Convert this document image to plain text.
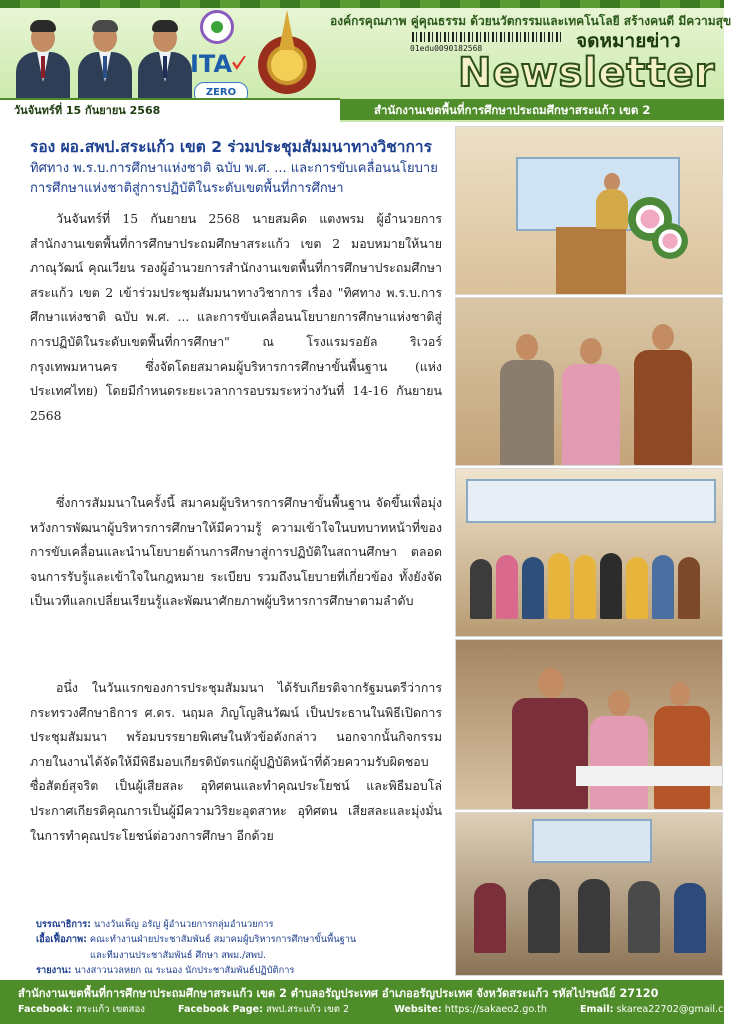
ITA
ZERO
องค์กรคุณภาพ คู่คุณธรรม ด้วยนวัตกรรมและเทคโนโลยี สร้างคนดี มีความสุข
01edu0090182568	จดหมายข่าว
Newsletter
วันจันทร์ที่ 15 กันยายน 2568	สำนักงานเขตพื้นที่การศึกษาประถมศึกษาสระแก้ว เขต 2
รอง ผอ.สพป.สระแก้ว เขต 2 ร่วมประชุมสัมมนาทางวิชาการ
ทิศทาง พ.ร.บ.การศึกษาแห่งชาติ ฉบับ พ.ศ. ... และการขับเคลื่อนนโยบายการศึกษาแห่งชาติสู่การปฏิบัติในระดับเขตพื้นที่การศึกษา
วันจันทร์ที่ 15 กันยายน 2568 นายสมคิด แตงพรม ผู้อำนวยการสำนักงานเขตพื้นที่การศึกษาประถมศึกษาสระแก้ว เขต 2 มอบหมายให้นายภาณุวัฒน์ คุณเวียน รองผู้อำนวยการสำนักงานเขตพื้นที่การศึกษาประถมศึกษาสระแก้ว เขต 2 เข้าร่วมประชุมสัมมนาทางวิชาการ เรื่อง "ทิศทาง พ.ร.บ.การศึกษาแห่งชาติ ฉบับ พ.ศ. ... และการขับเคลื่อนนโยบายการศึกษาแห่งชาติสู่การปฏิบัติในระดับเขตพื้นที่การศึกษา" ณ โรงแรมรอยัล ริเวอร์ กรุงเทพมหานคร ซึ่งจัดโดยสมาคมผู้บริหารการศึกษาขั้นพื้นฐาน (แห่งประเทศไทย) โดยมีกำหนดระยะเวลาการอบรมระหว่างวันที่ 14-16 กันยายน 2568
ซึ่งการสัมมนาในครั้งนี้ สมาคมผู้บริหารการศึกษาขั้นพื้นฐาน จัดขึ้นเพื่อมุ่งหวังการพัฒนาผู้บริหารการศึกษาให้มีความรู้ ความเข้าใจในบทบาทหน้าที่ของการขับเคลื่อนและนำนโยบายด้านการศึกษาสู่การปฏิบัติในสถานศึกษา ตลอดจนการรับรู้และเข้าใจในกฎหมาย ระเบียบ รวมถึงนโยบายที่เกี่ยวข้อง ทั้งยังจัดเป็นเวทีแลกเปลี่ยนเรียนรู้และพัฒนาศักยภาพผู้บริหารการศึกษาตามลำดับ
อนึ่ง ในวันแรกของการประชุมสัมมนา ได้รับเกียรติจากรัฐมนตรีว่าการกระทรวงศึกษาธิการ ศ.ดร. นฤมล ภิญโญสินวัฒน์ เป็นประธานในพิธีเปิดการประชุมสัมมนา พร้อมบรรยายพิเศษในหัวข้อดังกล่าว นอกจากนั้นกิจกรรมภายในงานได้จัดให้มีพิธีมอบเกียรติบัตรแก่ผู้ปฏิบัติหน้าที่ด้วยความรับผิดชอบ ซื่อสัตย์สุจริต เป็นผู้เสียสละ อุทิศตนและทำคุณประโยชน์ และพิธีมอบโล่ประกาศเกียรติคุณการเป็นผู้มีความวิริยะอุตสาหะ อุทิศตน เสียสละและมุ่งมั่นในการทำคุณประโยชน์ต่อวงการศึกษา อีกด้วย
บรรณาธิการ: นางวันเพ็ญ อรัญ ผู้อำนวยการกลุ่มอำนวยการ
เอื้อเฟื้อภาพ: คณะทำงานฝ่ายประชาสัมพันธ์ สมาคมผู้บริหารการศึกษาขั้นพื้นฐาน
และทีมงานประชาสัมพันธ์ ศึกษา สพม./สพป.
รายงาน: นางสาวนวลหยก ณ ระนอง นักประชาสัมพันธ์ปฏิบัติการ
สำนักงานเขตพื้นที่การศึกษาประถมศึกษาสระแก้ว เขต 2 ตำบลอรัญประเทศ อำเภออรัญประเทศ จังหวัดสระแก้ว รหัสไปรษณีย์ 27120
Facebook: สระแก้ว เขตสอง	Facebook Page: สพป.สระแก้ว เขต 2	Website: https://sakaeo2.go.th	Email: skarea22702@gmail.com
